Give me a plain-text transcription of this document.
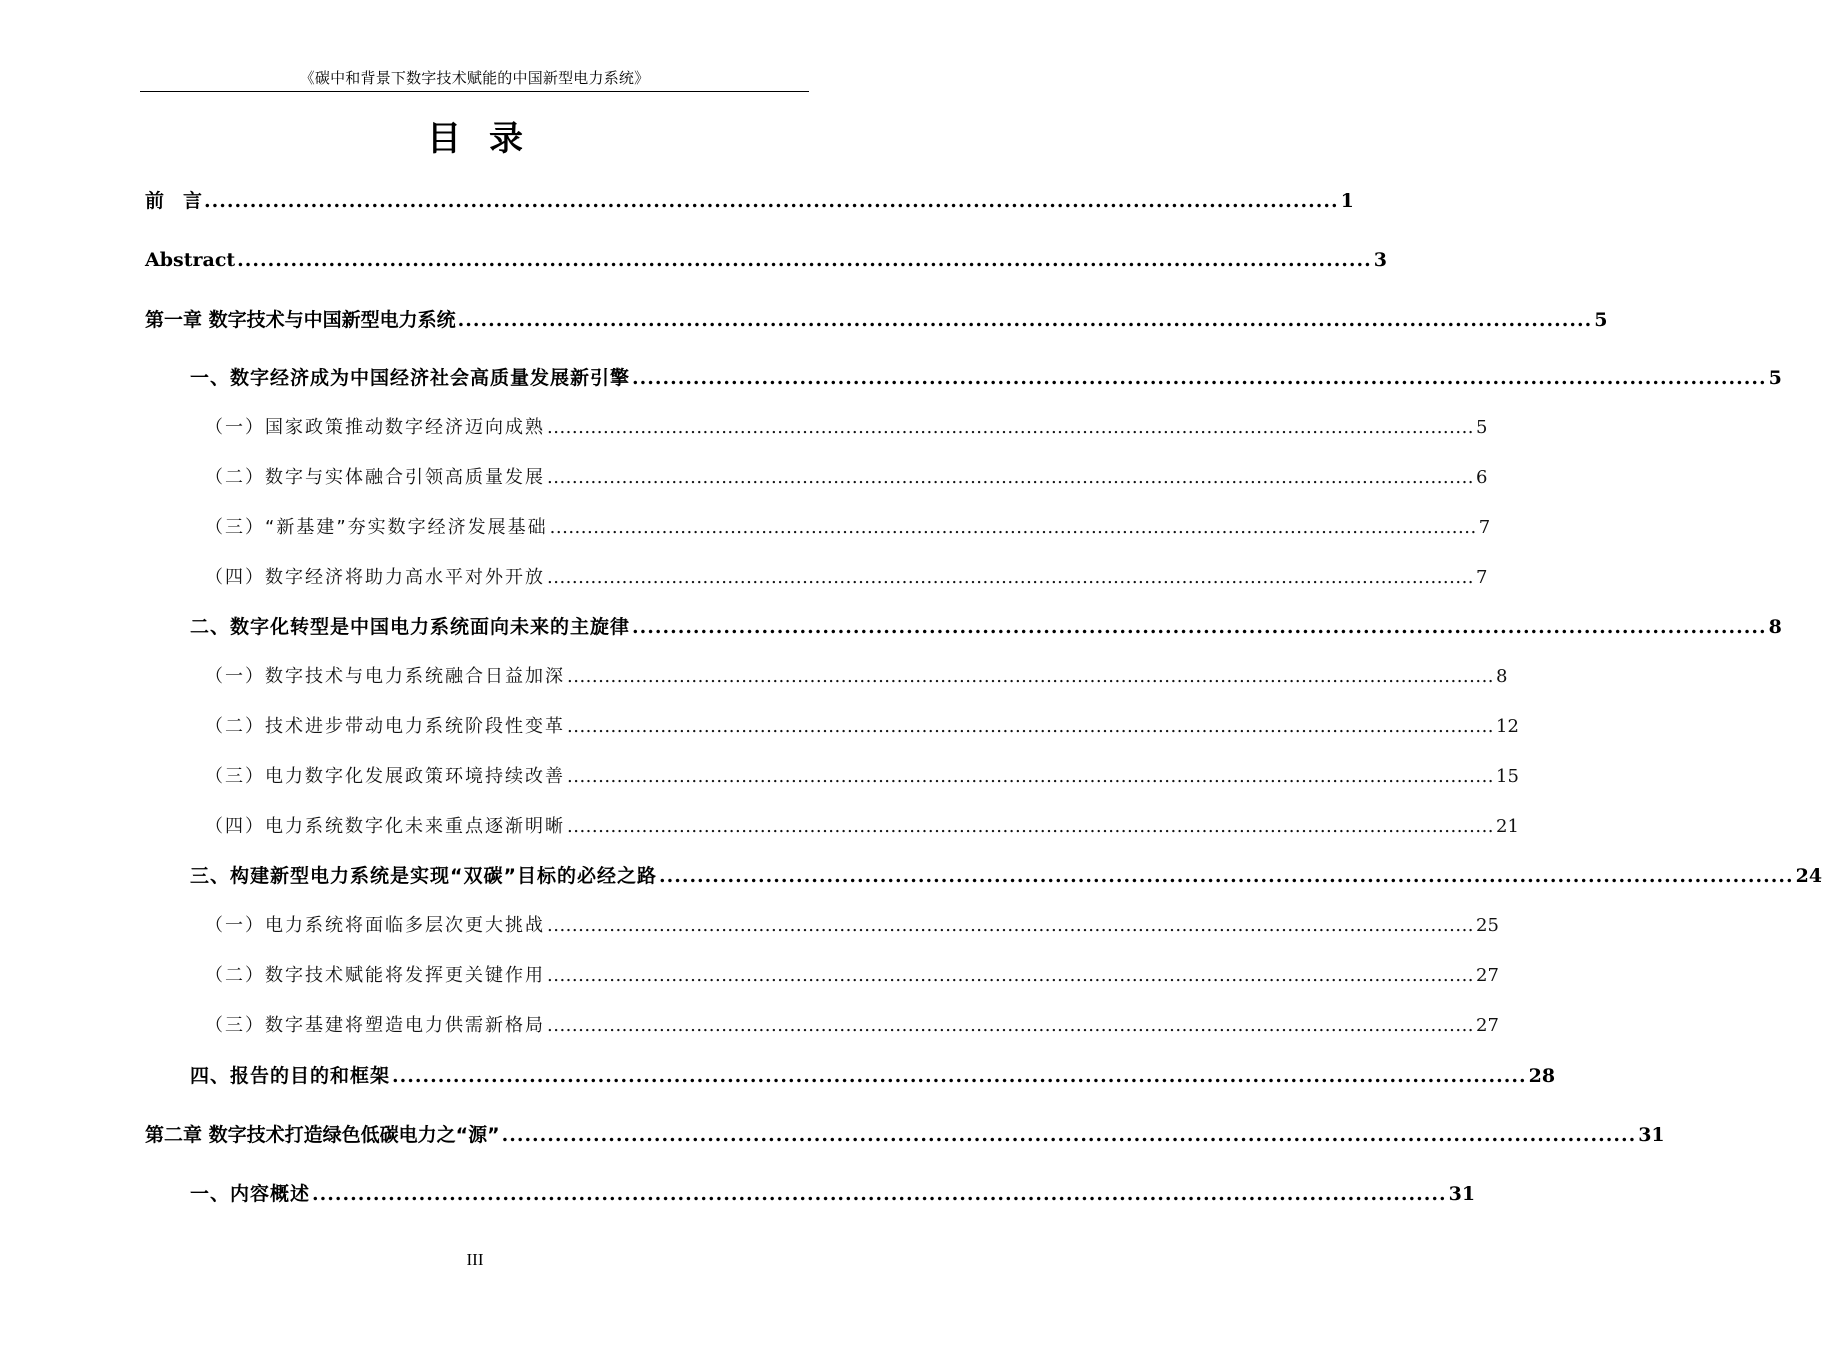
《碳中和背景下数字技术赋能的中国新型电力系统》
目录
前　言 ..................................................................................................................................................... 1
Abstract ..................................................................................................................................................... 3
第一章 数字技术与中国新型电力系统 ..................................................................................................................................................... 5
一、数字经济成为中国经济社会高质量发展新引擎 ..................................................................................................................................................... 5
（一）国家政策推动数字经济迈向成熟 ..................................................................................................................................................... 5
（二）数字与实体融合引领高质量发展 ..................................................................................................................................................... 6
（三）“新基建”夯实数字经济发展基础 ..................................................................................................................................................... 7
（四）数字经济将助力高水平对外开放 ..................................................................................................................................................... 7
二、数字化转型是中国电力系统面向未来的主旋律 ..................................................................................................................................................... 8
（一）数字技术与电力系统融合日益加深 ..................................................................................................................................................... 8
（二）技术进步带动电力系统阶段性变革 ..................................................................................................................................................... 12
（三）电力数字化发展政策环境持续改善 ..................................................................................................................................................... 15
（四）电力系统数字化未来重点逐渐明晰 ..................................................................................................................................................... 21
三、构建新型电力系统是实现“双碳”目标的必经之路 ..................................................................................................................................................... 24
（一）电力系统将面临多层次更大挑战 ..................................................................................................................................................... 25
（二）数字技术赋能将发挥更关键作用 ..................................................................................................................................................... 27
（三）数字基建将塑造电力供需新格局 ..................................................................................................................................................... 27
四、报告的目的和框架 ..................................................................................................................................................... 28
第二章 数字技术打造绿色低碳电力之“源” ..................................................................................................................................................... 31
一、内容概述 ..................................................................................................................................................... 31
III
